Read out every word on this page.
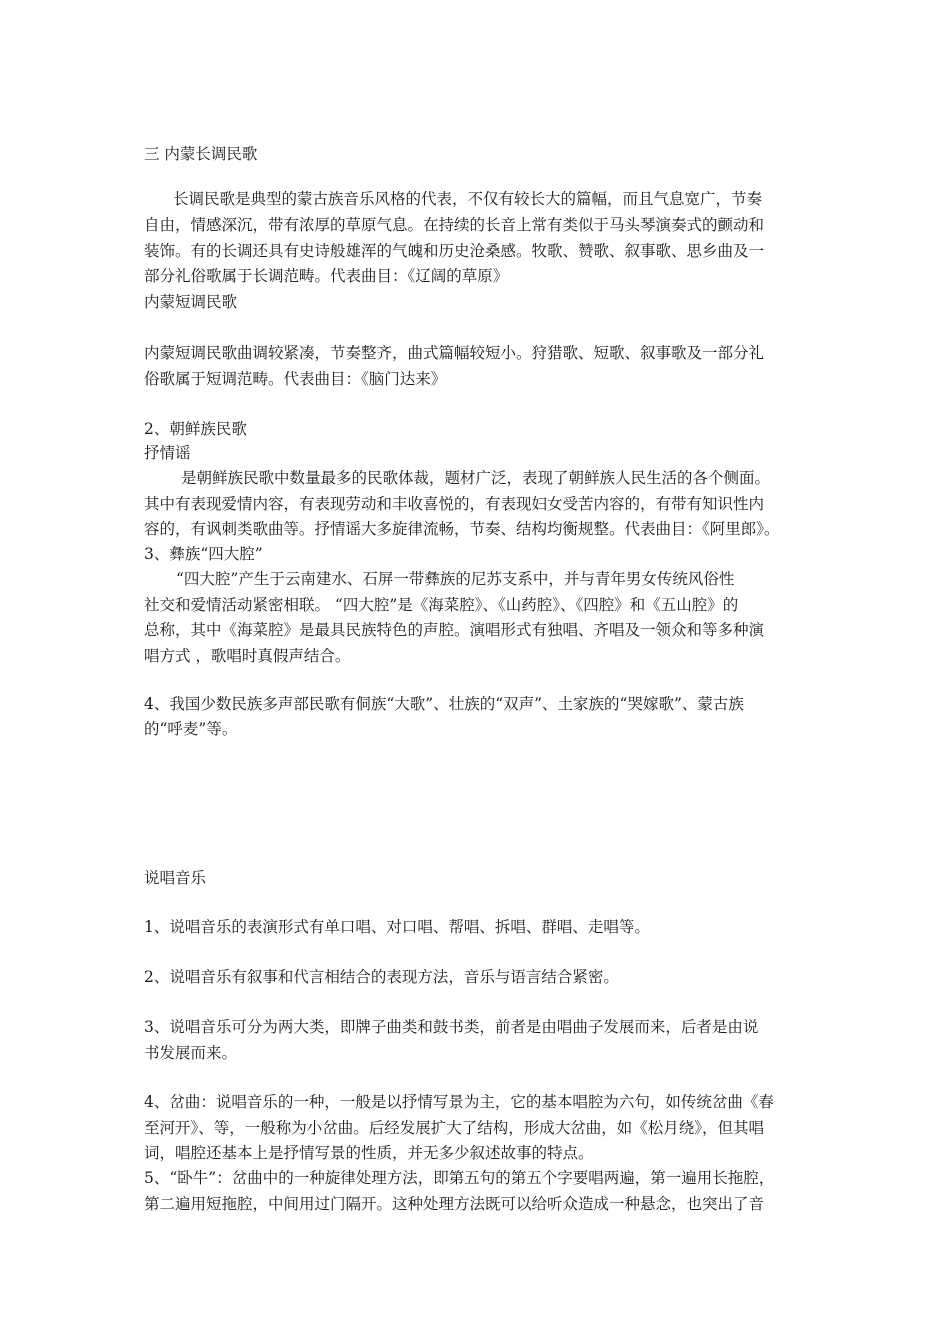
三 内蒙长调民歌
长调民歌是典型的蒙古族音乐风格的代表，不仅有较长大的篇幅，而且气息宽广，节奏
自由，情感深沉，带有浓厚的草原气息。在持续的长音上常有类似于马头琴演奏式的颤动和
装饰。有的长调还具有史诗般雄浑的气魄和历史沧桑感。牧歌、赞歌、叙事歌、思乡曲及一
部分礼俗歌属于长调范畴。代表曲目：《辽阔的草原》
内蒙短调民歌
内蒙短调民歌曲调较紧凑，节奏整齐，曲式篇幅较短小。狩猎歌、短歌、叙事歌及一部分礼
俗歌属于短调范畴。代表曲目：《脑门达来》
2、朝鲜族民歌
抒情谣
是朝鲜族民歌中数量最多的民歌体裁，题材广泛，表现了朝鲜族人民生活的各个侧面。
其中有表现爱情内容，有表现劳动和丰收喜悦的，有表现妇女受苦内容的，有带有知识性内
容的，有讽刺类歌曲等。抒情谣大多旋律流畅，节奏、结构均衡规整。代表曲目：《阿里郎》。
3、彝族“四大腔”
“四大腔”产生于云南建水、石屏一带彝族的尼苏支系中，并与青年男女传统风俗性
社交和爱情活动紧密相联。 “四大腔”是《海菜腔》、《山药腔》、《四腔》和《五山腔》的
总称，其中《海菜腔》是最具民族特色的声腔。演唱形式有独唱、齐唱及一领众和等多种演
唱方式 ，歌唱时真假声结合。
4、我国少数民族多声部民歌有侗族“大歌”、壮族的“双声”、土家族的“哭嫁歌”、蒙古族
的“呼麦”等。
说唱音乐
1、说唱音乐的表演形式有单口唱、对口唱、帮唱、拆唱、群唱、走唱等。
2、说唱音乐有叙事和代言相结合的表现方法，音乐与语言结合紧密。
3、说唱音乐可分为两大类，即牌子曲类和鼓书类，前者是由唱曲子发展而来，后者是由说
书发展而来。
4、岔曲：说唱音乐的一种，一般是以抒情写景为主，它的基本唱腔为六句，如传统岔曲《春
至河开》、等，一般称为小岔曲。后经发展扩大了结构，形成大岔曲，如《松月绕》，但其唱
词，唱腔还基本上是抒情写景的性质，并无多少叙述故事的特点。
5、“卧牛”：岔曲中的一种旋律处理方法，即第五句的第五个字要唱两遍，第一遍用长拖腔，
第二遍用短拖腔，中间用过门隔开。这种处理方法既可以给听众造成一种悬念，也突出了音
